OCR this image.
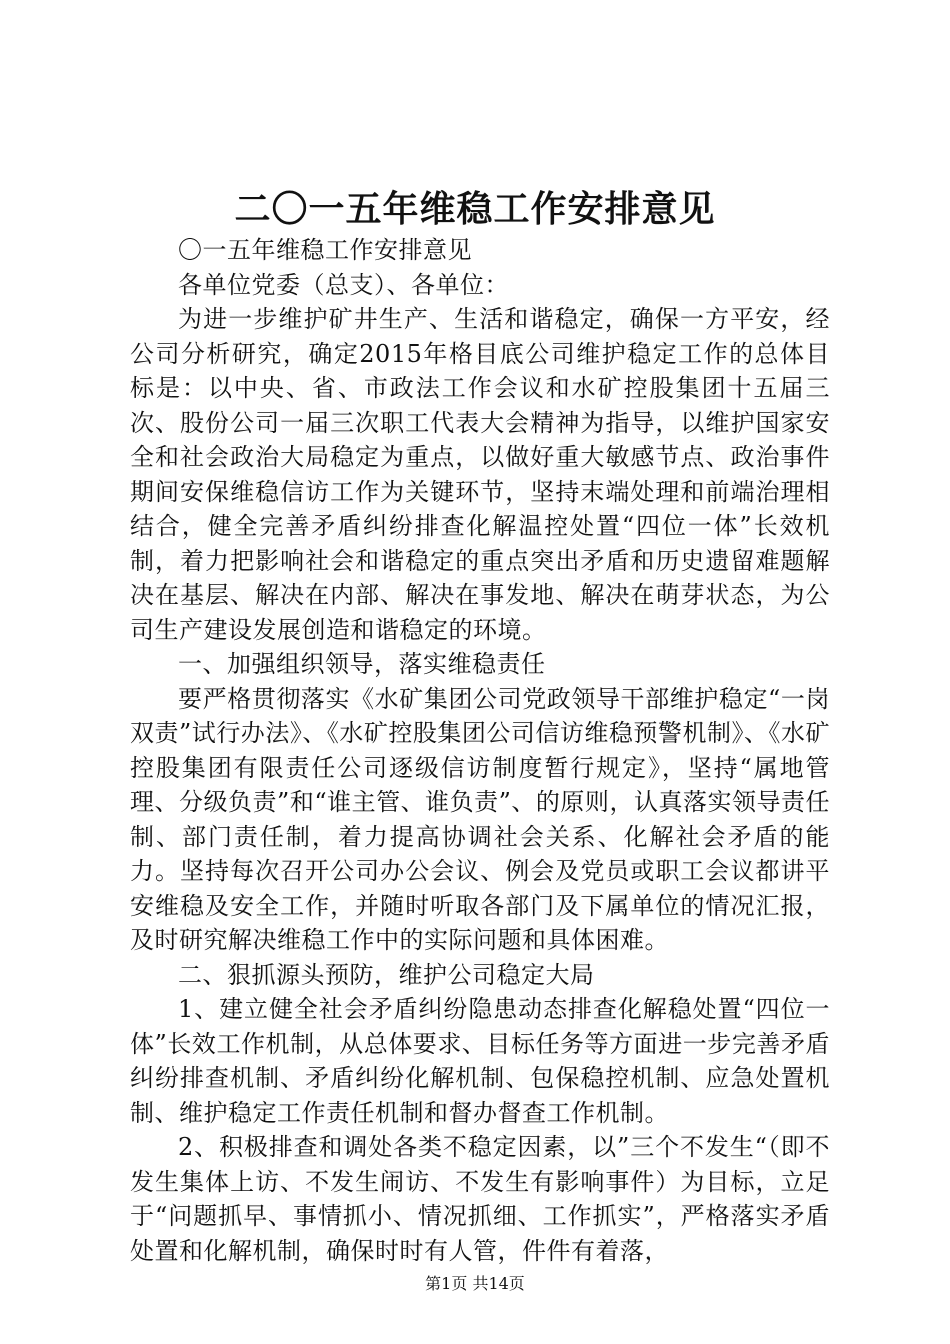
二〇一五年维稳工作安排意见

〇一五年维稳工作安排意见

各单位党委（总支）、各单位：

为进一步维护矿井生产、生活和谐稳定，确保一方平安，经公司分析研究，确定2015年格目底公司维护稳定工作的总体目标是：以中央、省、市政法工作会议和水矿控股集团十五届三次、股份公司一届三次职工代表大会精神为指导，以维护国家安全和社会政治大局稳定为重点，以做好重大敏感节点、政治事件期间安保维稳信访工作为关键环节，坚持末端处理和前端治理相结合，健全完善矛盾纠纷排查化解温控处置“四位一体”长效机制，着力把影响社会和谐稳定的重点突出矛盾和历史遗留难题解决在基层、解决在内部、解决在事发地、解决在萌芽状态，为公司生产建设发展创造和谐稳定的环境。

一、加强组织领导，落实维稳责任

要严格贯彻落实《水矿集团公司党政领导干部维护稳定“一岗双责”试行办法》、《水矿控股集团公司信访维稳预警机制》、《水矿控股集团有限责任公司逐级信访制度暂行规定》，坚持“属地管理、分级负责”和“谁主管、谁负责”、的原则，认真落实领导责任制、部门责任制，着力提高协调社会关系、化解社会矛盾的能力。坚持每次召开公司办公会议、例会及党员或职工会议都讲平安维稳及安全工作，并随时听取各部门及下属单位的情况汇报，及时研究解决维稳工作中的实际问题和具体困难。

二、狠抓源头预防，维护公司稳定大局

1、建立健全社会矛盾纠纷隐患动态排查化解稳处置“四位一体”长效工作机制，从总体要求、目标任务等方面进一步完善矛盾纠纷排查机制、矛盾纠纷化解机制、包保稳控机制、应急处置机制、维护稳定工作责任机制和督办督查工作机制。

2、积极排查和调处各类不稳定因素，以”三个不发生“（即不发生集体上访、不发生闹访、不发生有影响事件）为目标，立足于“问题抓早、事情抓小、情况抓细、工作抓实”，严格落实矛盾处置和化解机制，确保时时有人管，件件有着落，

第1页 共14页
